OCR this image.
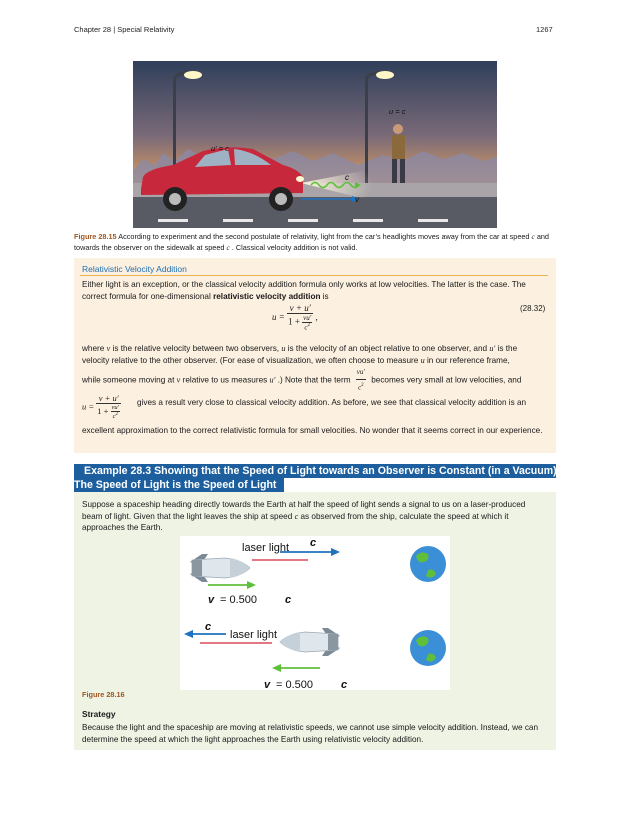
Chapter 28 | Special Relativity	1267
u′ = c
u = c
c
v
Figure 28.15 According to experiment and the second postulate of relativity, light from the car’s headlights moves away from the car at speed c and towards the observer on the sidewalk at speed c . Classical velocity addition is not valid.
Relativistic Velocity Addition
Either light is an exception, or the classical velocity addition formula only works at low velocities. The latter is the case. The correct formula for one-dimensional relativistic velocity addition is
$u = \frac{v + u'}{1 + \frac{vu'}{c^2}}$ ,
(28.32)
where v is the relative velocity between two observers, u is the velocity of an object relative to one observer, and u′ is the
velocity relative to the other observer. (For ease of visualization, we often choose to measure u in our reference frame,
while someone moving at v relative to us measures u′ .) Note that the term $\frac{vu'}{c^2}$ becomes very small at low velocities, and
$u = \frac{v + u'}{1 + \frac{vu'}{c^2}}$ gives a result very close to classical velocity addition. As before, we see that classical velocity addition is an
excellent approximation to the correct relativistic formula for small velocities. No wonder that it seems correct in our experience.
Example 28.3 Showing that the Speed of Light towards an Observer is Constant (in a Vacuum):
The Speed of Light is the Speed of Light
Suppose a spaceship heading directly towards the Earth at half the speed of light sends a signal to us on a laser-produced beam of light. Given that the light leaves the ship at speed c as observed from the ship, calculate the speed at which it approaches the Earth.
laser light c
v = 0.500	c
laser light
c
v = 0.500	c
Figure 28.16
Strategy
Because the light and the spaceship are moving at relativistic speeds, we cannot use simple velocity addition. Instead, we can determine the speed at which the light approaches the Earth using relativistic velocity addition.
